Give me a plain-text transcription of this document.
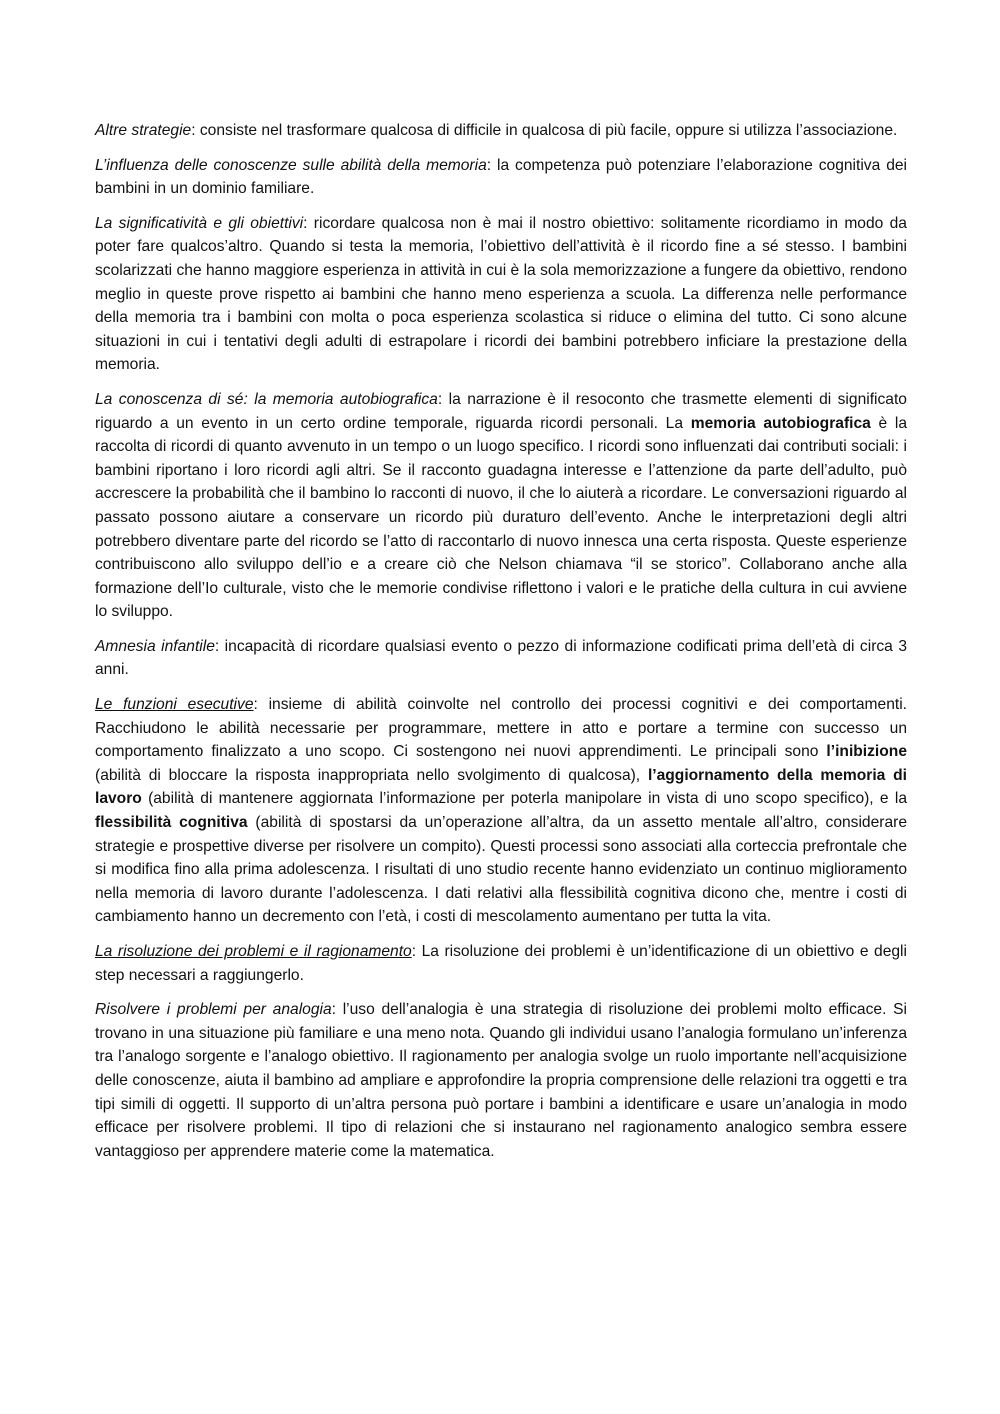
Altre strategie: consiste nel trasformare qualcosa di difficile in qualcosa di più facile, oppure si utilizza l’associazione.

L’influenza delle conoscenze sulle abilità della memoria: la competenza può potenziare l’elaborazione cognitiva dei bambini in un dominio familiare.

La significatività e gli obiettivi: ricordare qualcosa non è mai il nostro obiettivo: solitamente ricordiamo in modo da poter fare qualcos’altro. Quando si testa la memoria, l’obiettivo dell’attività è il ricordo fine a sé stesso. I bambini scolarizzati che hanno maggiore esperienza in attività in cui è la sola memorizzazione a fungere da obiettivo, rendono meglio in queste prove rispetto ai bambini che hanno meno esperienza a scuola. La differenza nelle performance della memoria tra i bambini con molta o poca esperienza scolastica si riduce o elimina del tutto. Ci sono alcune situazioni in cui i tentativi degli adulti di estrapolare i ricordi dei bambini potrebbero inficiare la prestazione della memoria.

La conoscenza di sé: la memoria autobiografica: la narrazione è il resoconto che trasmette elementi di significato riguardo a un evento in un certo ordine temporale, riguarda ricordi personali. La memoria autobiografica è la raccolta di ricordi di quanto avvenuto in un tempo o un luogo specifico. I ricordi sono influenzati dai contributi sociali: i bambini riportano i loro ricordi agli altri. Se il racconto guadagna interesse e l’attenzione da parte dell’adulto, può accrescere la probabilità che il bambino lo racconti di nuovo, il che lo aiuterà a ricordare. Le conversazioni riguardo al passato possono aiutare a conservare un ricordo più duraturo dell’evento. Anche le interpretazioni degli altri potrebbero diventare parte del ricordo se l’atto di raccontarlo di nuovo innesca una certa risposta. Queste esperienze contribuiscono allo sviluppo dell’io e a creare ciò che Nelson chiamava “il se storico”. Collaborano anche alla formazione dell’Io culturale, visto che le memorie condivise riflettono i valori e le pratiche della cultura in cui avviene lo sviluppo.

Amnesia infantile: incapacità di ricordare qualsiasi evento o pezzo di informazione codificati prima dell’età di circa 3 anni.

Le funzioni esecutive: insieme di abilità coinvolte nel controllo dei processi cognitivi e dei comportamenti. Racchiudono le abilità necessarie per programmare, mettere in atto e portare a termine con successo un comportamento finalizzato a uno scopo. Ci sostengono nei nuovi apprendimenti. Le principali sono l’inibizione (abilità di bloccare la risposta inappropriata nello svolgimento di qualcosa), l’aggiornamento della memoria di lavoro (abilità di mantenere aggiornata l’informazione per poterla manipolare in vista di uno scopo specifico), e la flessibilità cognitiva (abilità di spostarsi da un’operazione all’altra, da un assetto mentale all’altro, considerare strategie e prospettive diverse per risolvere un compito). Questi processi sono associati alla corteccia prefrontale che si modifica fino alla prima adolescenza. I risultati di uno studio recente hanno evidenziato un continuo miglioramento nella memoria di lavoro durante l’adolescenza. I dati relativi alla flessibilità cognitiva dicono che, mentre i costi di cambiamento hanno un decremento con l’età, i costi di mescolamento aumentano per tutta la vita.

La risoluzione dei problemi e il ragionamento: La risoluzione dei problemi è un’identificazione di un obiettivo e degli step necessari a raggiungerlo.

Risolvere i problemi per analogia: l’uso dell’analogia è una strategia di risoluzione dei problemi molto efficace. Si trovano in una situazione più familiare e una meno nota. Quando gli individui usano l’analogia formulano un’inferenza tra l’analogo sorgente e l’analogo obiettivo. Il ragionamento per analogia svolge un ruolo importante nell’acquisizione delle conoscenze, aiuta il bambino ad ampliare e approfondire la propria comprensione delle relazioni tra oggetti e tra tipi simili di oggetti. Il supporto di un’altra persona può portare i bambini a identificare e usare un’analogia in modo efficace per risolvere problemi. Il tipo di relazioni che si instaurano nel ragionamento analogico sembra essere vantaggioso per apprendere materie come la matematica.
